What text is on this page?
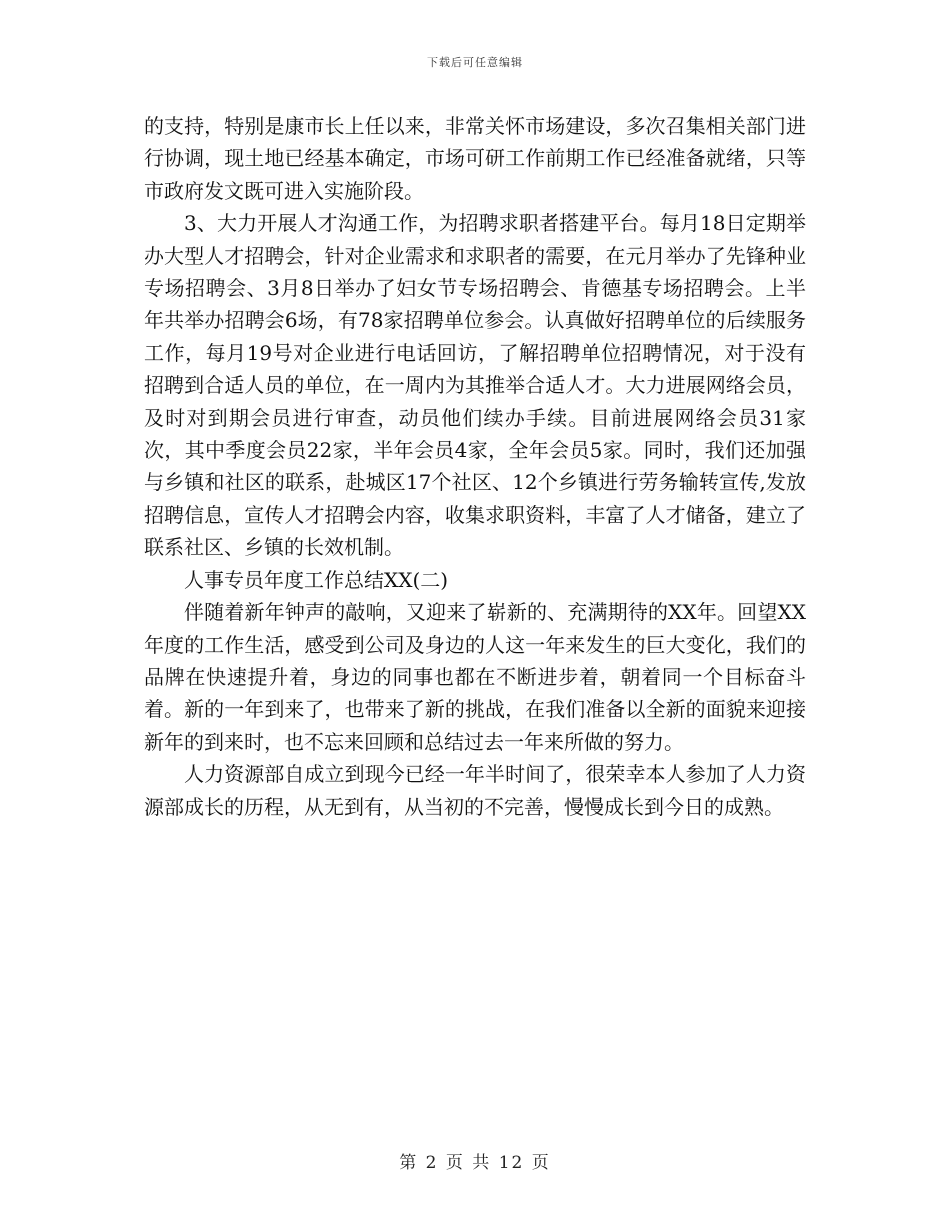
下载后可任意编辑

的支持，特别是康市长上任以来，非常关怀市场建设，多次召集相关部门进行协调，现土地已经基本确定，市场可研工作前期工作已经准备就绪，只等市政府发文既可进入实施阶段。

3、大力开展人才沟通工作，为招聘求职者搭建平台。每月18日定期举办大型人才招聘会，针对企业需求和求职者的需要，在元月举办了先锋种业专场招聘会、3月8日举办了妇女节专场招聘会、肯德基专场招聘会。上半年共举办招聘会6场，有78家招聘单位参会。认真做好招聘单位的后续服务工作，每月19号对企业进行电话回访，了解招聘单位招聘情况，对于没有招聘到合适人员的单位，在一周内为其推举合适人才。大力进展网络会员，及时对到期会员进行审查，动员他们续办手续。目前进展网络会员31家次，其中季度会员22家，半年会员4家，全年会员5家。同时，我们还加强与乡镇和社区的联系，赴城区17个社区、12个乡镇进行劳务输转宣传,发放招聘信息，宣传人才招聘会内容，收集求职资料，丰富了人才储备，建立了联系社区、乡镇的长效机制。

人事专员年度工作总结XX(二)

伴随着新年钟声的敲响，又迎来了崭新的、充满期待的XX年。回望XX年度的工作生活，感受到公司及身边的人这一年来发生的巨大变化，我们的品牌在快速提升着，身边的同事也都在不断进步着，朝着同一个目标奋斗着。新的一年到来了，也带来了新的挑战，在我们准备以全新的面貌来迎接新年的到来时，也不忘来回顾和总结过去一年来所做的努力。

人力资源部自成立到现今已经一年半时间了，很荣幸本人参加了人力资源部成长的历程，从无到有，从当初的不完善，慢慢成长到今日的成熟。

第 2 页 共 12 页
